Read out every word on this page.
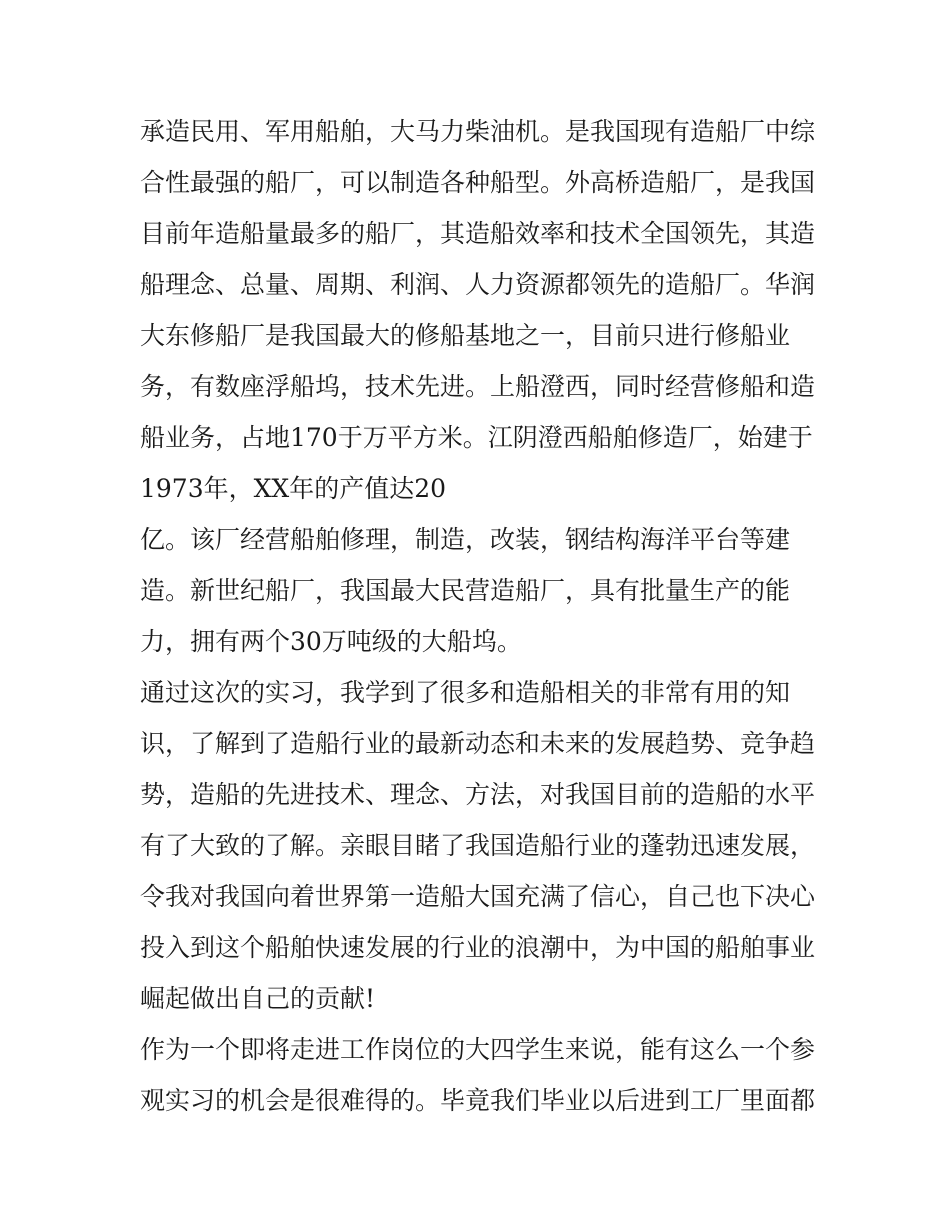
承造民用、军用船舶，大马力柴油机。是我国现有造船厂中综
合性最强的船厂，可以制造各种船型。外高桥造船厂，是我国
目前年造船量最多的船厂，其造船效率和技术全国领先，其造
船理念、总量、周期、利润、人力资源都领先的造船厂。华润
大东修船厂是我国最大的修船基地之一，目前只进行修船业
务，有数座浮船坞，技术先进。上船澄西，同时经营修船和造
船业务，占地170于万平方米。江阴澄西船舶修造厂，始建于
1973年，XX年的产值达20
亿。该厂经营船舶修理，制造，改装，钢结构海洋平台等建
造。新世纪船厂，我国最大民营造船厂，具有批量生产的能
力，拥有两个30万吨级的大船坞。
通过这次的实习，我学到了很多和造船相关的非常有用的知
识，了解到了造船行业的最新动态和未来的发展趋势、竞争趋
势，造船的先进技术、理念、方法，对我国目前的造船的水平
有了大致的了解。亲眼目睹了我国造船行业的蓬勃迅速发展，
令我对我国向着世界第一造船大国充满了信心，自己也下决心
投入到这个船舶快速发展的行业的浪潮中，为中国的船舶事业
崛起做出自己的贡献!
作为一个即将走进工作岗位的大四学生来说，能有这么一个参
观实习的机会是很难得的。毕竟我们毕业以后进到工厂里面都
